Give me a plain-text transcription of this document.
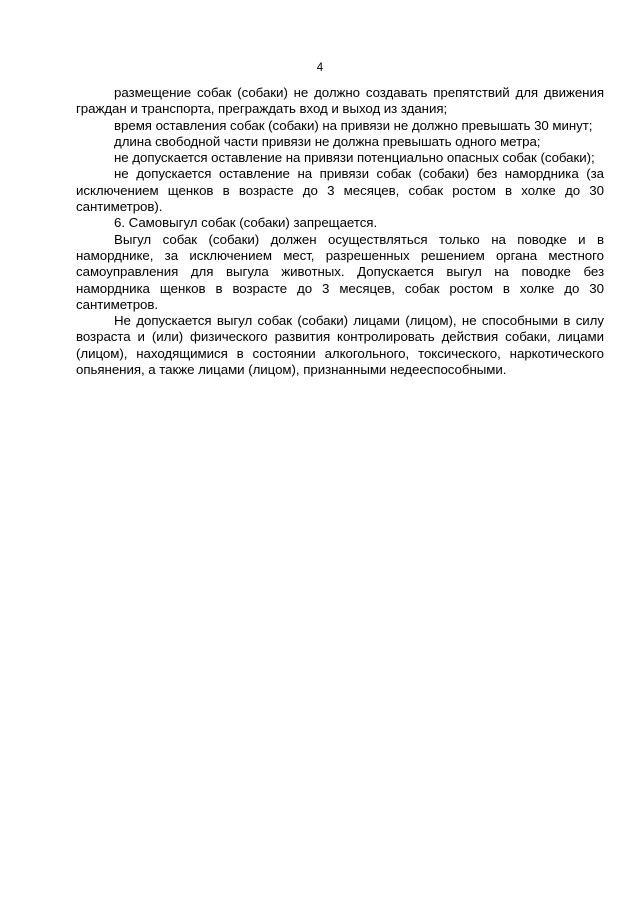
4

размещение собак (собаки) не должно создавать препятствий для движения граждан и транспорта, преграждать вход и выход из здания;

время оставления собак (собаки) на привязи не должно превышать 30 минут;

длина свободной части привязи не должна превышать одного метра;

не допускается оставление на привязи потенциально опасных собак (собаки);

не допускается оставление на привязи собак (собаки) без намордника (за исключением щенков в возрасте до 3 месяцев, собак ростом в холке до 30 сантиметров).

6. Самовыгул собак (собаки) запрещается.

Выгул собак (собаки) должен осуществляться только на поводке и в наморднике, за исключением мест, разрешенных решением органа местного самоуправления для выгула животных. Допускается выгул на поводке без намордника щенков в возрасте до 3 месяцев, собак ростом в холке до 30 сантиметров.

Не допускается выгул собак (собаки) лицами (лицом), не способными в силу возраста и (или) физического развития контролировать действия собаки, лицами (лицом), находящимися в состоянии алкогольного, токсического, наркотического опьянения, а также лицами (лицом), признанными недееспособными.
